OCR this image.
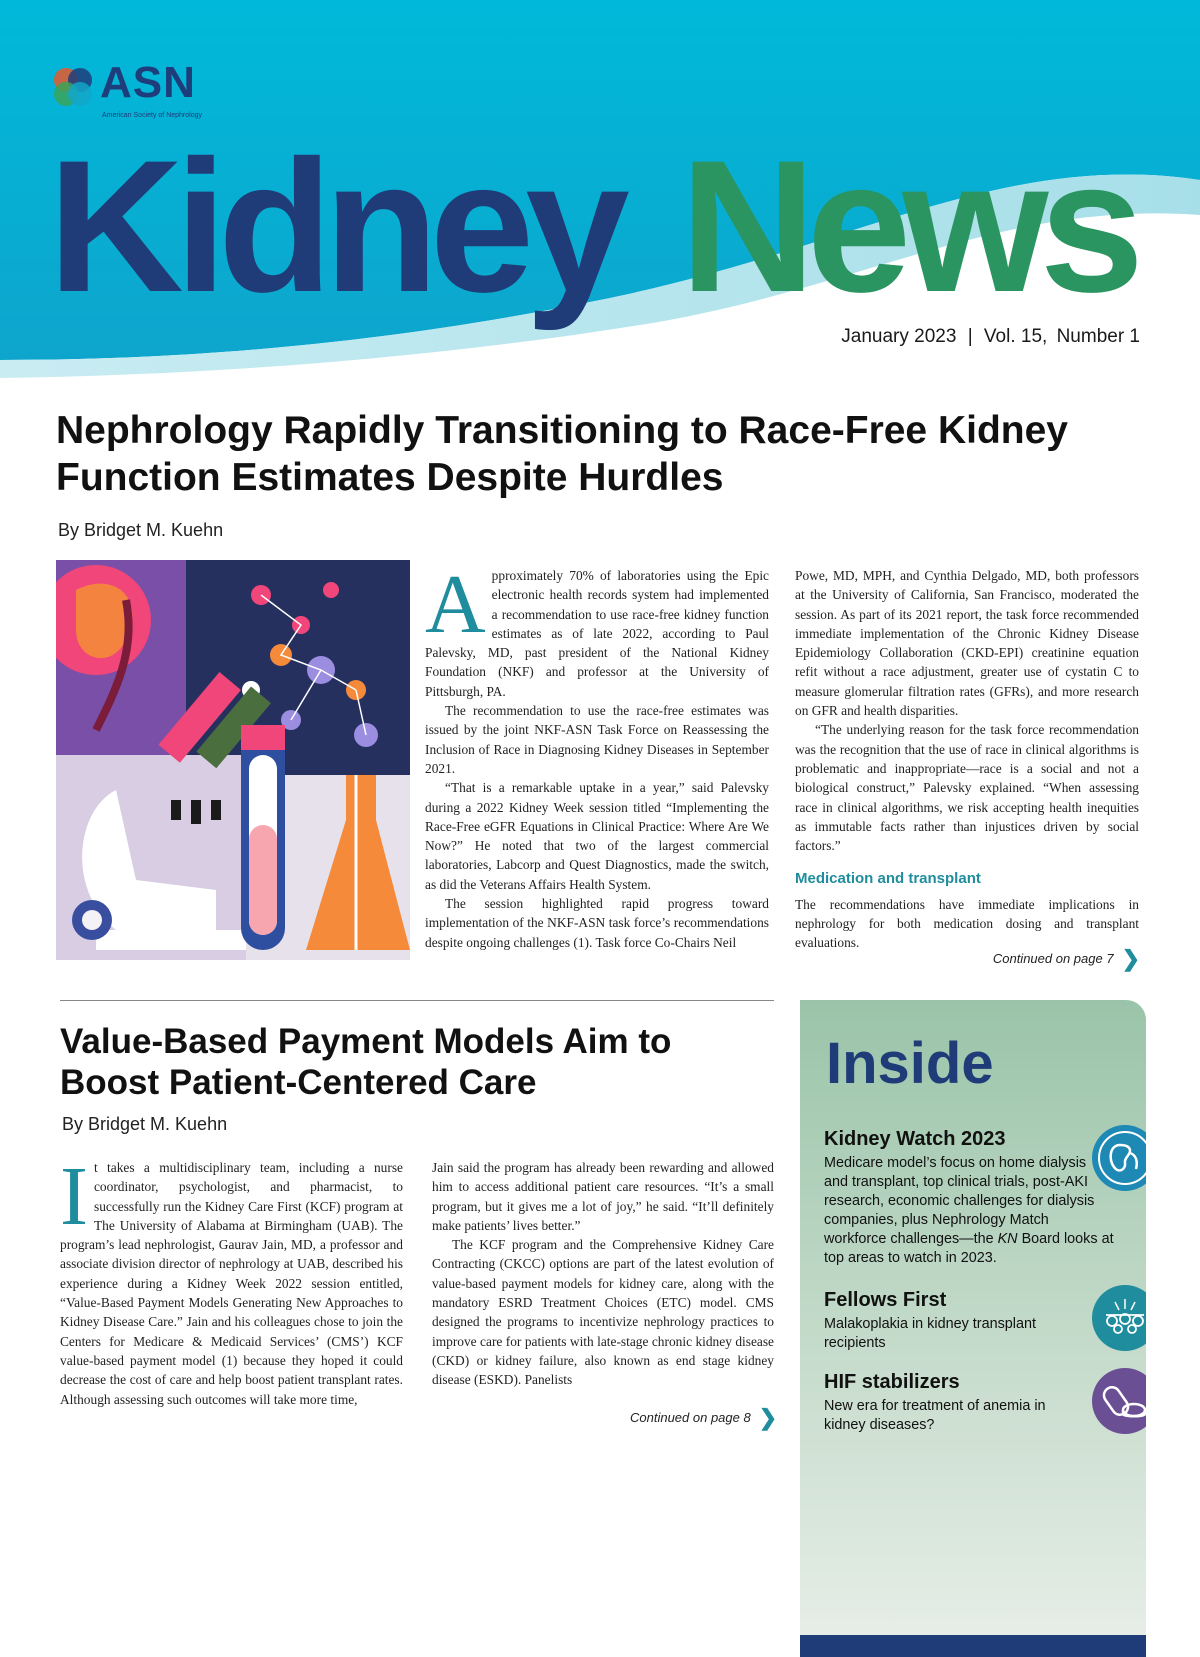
ASN
American Society of Nephrology
Kidney News
January 2023 | Vol. 15, Number 1
Nephrology Rapidly Transitioning to Race-Free Kidney Function Estimates Despite Hurdles
By Bridget M. Kuehn
A pproximately 70% of laboratories using the Epic electronic health records system had implemented a recommendation to use race-free kidney function estimates as of late 2022, according to Paul Palevsky, MD, past president of the National Kidney Foundation (NKF) and professor at the University of Pittsburgh, PA.

The recommendation to use the race-free estimates was issued by the joint NKF-ASN Task Force on Reassessing the Inclusion of Race in Diagnosing Kidney Diseases in September 2021.

“That is a remarkable uptake in a year,” said Palevsky during a 2022 Kidney Week session titled “Implementing the Race-Free eGFR Equations in Clinical Practice: Where Are We Now?” He noted that two of the largest commercial laboratories, Labcorp and Quest Diagnostics, made the switch, as did the Veterans Affairs Health System.

The session highlighted rapid progress toward implementation of the NKF-ASN task force’s recommendations despite ongoing challenges (1). Task force Co-Chairs Neil

Powe, MD, MPH, and Cynthia Delgado, MD, both professors at the University of California, San Francisco, moderated the session. As part of its 2021 report, the task force recommended immediate implementation of the Chronic Kidney Disease Epidemiology Collaboration (CKD-EPI) creatinine equation refit without a race adjustment, greater use of cystatin C to measure glomerular filtration rates (GFRs), and more research on GFR and health disparities.

“The underlying reason for the task force recommendation was the recognition that the use of race in clinical algorithms is problematic and inappropriate—race is a social and not a biological construct,” Palevsky explained. “When assessing race in clinical algorithms, we risk accepting health inequities as immutable facts rather than injustices driven by social factors.”

Medication and transplant

The recommendations have immediate implications in nephrology for both medication dosing and transplant evaluations.

Continued on page 7 ❯
Value-Based Payment Models Aim to Boost Patient-Centered Care
By Bridget M. Kuehn
I t takes a multidisciplinary team, including a nurse coordinator, psychologist, and pharmacist, to successfully run the Kidney Care First (KCF) program at The University of Alabama at Birmingham (UAB). The program’s lead nephrologist, Gaurav Jain, MD, a professor and associate division director of nephrology at UAB, described his experience during a Kidney Week 2022 session entitled, “Value-Based Payment Models Generating New Approaches to Kidney Disease Care.” Jain and his colleagues chose to join the Centers for Medicare & Medicaid Services’ (CMS’) KCF value-based payment model (1) because they hoped it could decrease the cost of care and help boost patient transplant rates. Although assessing such outcomes will take more time,

Jain said the program has already been rewarding and allowed him to access additional patient care resources. “It’s a small program, but it gives me a lot of joy,” he said. “It’ll definitely make patients’ lives better.”

The KCF program and the Comprehensive Kidney Care Contracting (CKCC) options are part of the latest evolution of value-based payment models for kidney care, along with the mandatory ESRD Treatment Choices (ETC) model. CMS designed the programs to incentivize nephrology practices to improve care for patients with late-stage chronic kidney disease (CKD) or kidney failure, also known as end stage kidney disease (ESKD). Panelists

Continued on page 8 ❯
Inside
Kidney Watch 2023
Medicare model’s focus on home dialysis and transplant, top clinical trials, post-AKI research, economic challenges for dialysis companies, plus Nephrology Match workforce challenges—the KN Board looks at top areas to watch in 2023.
Fellows First
Malakoplakia in kidney transplant recipients
HIF stabilizers
New era for treatment of anemia in kidney diseases?
